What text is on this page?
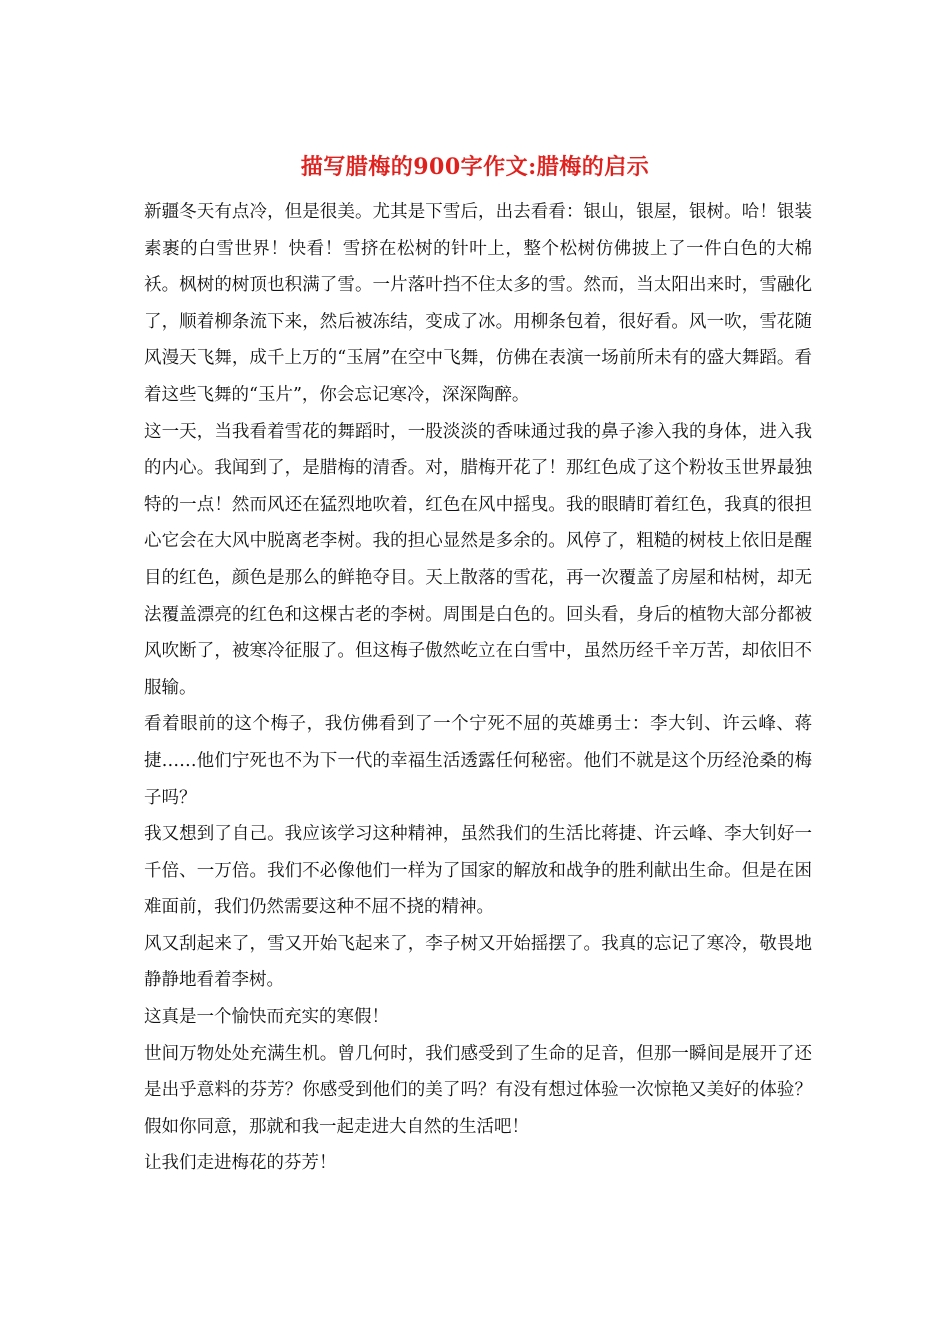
描写腊梅的900字作文:腊梅的启示

新疆冬天有点冷，但是很美。尤其是下雪后，出去看看：银山，银屋，银树。哈！银装素裹的白雪世界！快看！雪挤在松树的针叶上，整个松树仿佛披上了一件白色的大棉袄。枫树的树顶也积满了雪。一片落叶挡不住太多的雪。然而，当太阳出来时，雪融化了，顺着柳条流下来，然后被冻结，变成了冰。用柳条包着，很好看。风一吹，雪花随风漫天飞舞，成千上万的“玉屑”在空中飞舞，仿佛在表演一场前所未有的盛大舞蹈。看着这些飞舞的“玉片”，你会忘记寒冷，深深陶醉。

这一天，当我看着雪花的舞蹈时，一股淡淡的香味通过我的鼻子渗入我的身体，进入我的内心。我闻到了，是腊梅的清香。对，腊梅开花了！那红色成了这个粉妆玉世界最独特的一点！然而风还在猛烈地吹着，红色在风中摇曳。我的眼睛盯着红色，我真的很担心它会在大风中脱离老李树。我的担心显然是多余的。风停了，粗糙的树枝上依旧是醒目的红色，颜色是那么的鲜艳夺目。天上散落的雪花，再一次覆盖了房屋和枯树，却无法覆盖漂亮的红色和这棵古老的李树。周围是白色的。回头看，身后的植物大部分都被风吹断了，被寒冷征服了。但这梅子傲然屹立在白雪中，虽然历经千辛万苦，却依旧不服输。

看着眼前的这个梅子，我仿佛看到了一个宁死不屈的英雄勇士：李大钊、许云峰、蒋捷……他们宁死也不为下一代的幸福生活透露任何秘密。他们不就是这个历经沧桑的梅子吗？

我又想到了自己。我应该学习这种精神，虽然我们的生活比蒋捷、许云峰、李大钊好一千倍、一万倍。我们不必像他们一样为了国家的解放和战争的胜利献出生命。但是在困难面前，我们仍然需要这种不屈不挠的精神。

风又刮起来了，雪又开始飞起来了，李子树又开始摇摆了。我真的忘记了寒冷，敬畏地静静地看着李树。

这真是一个愉快而充实的寒假！

世间万物处处充满生机。曾几何时，我们感受到了生命的足音，但那一瞬间是展开了还是出乎意料的芬芳？你感受到他们的美了吗？有没有想过体验一次惊艳又美好的体验？假如你同意，那就和我一起走进大自然的生活吧！

让我们走进梅花的芬芳！
